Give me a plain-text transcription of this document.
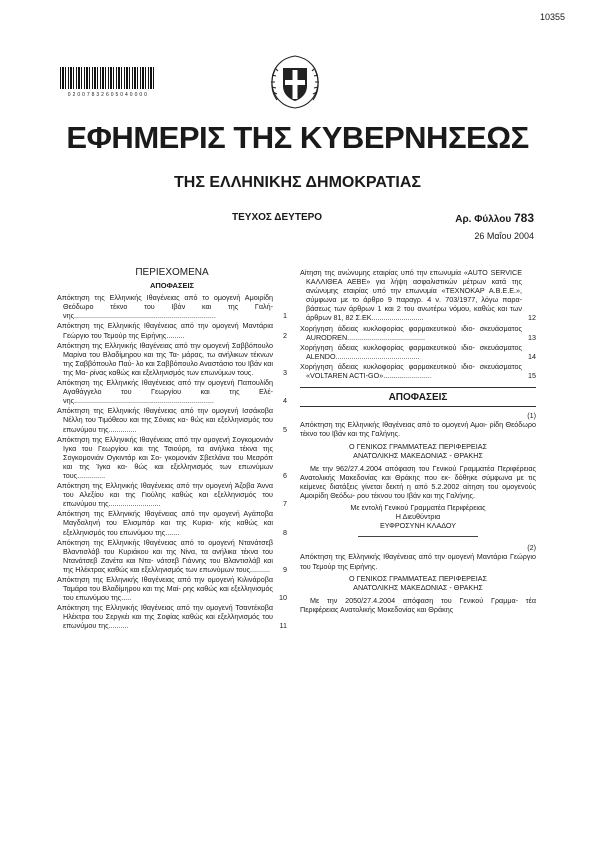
10355
0 2 0 0 7 8 3 2 6 0 5 0 4 0 0 0 0
ΕΦΗΜΕΡΙΣ ΤΗΣ ΚΥΒΕΡΝΗΣΕΩΣ
ΤΗΣ ΕΛΛΗΝΙΚΗΣ ΔΗΜΟΚΡΑΤΙΑΣ
ΤΕΥΧΟΣ ΔΕΥΤΕΡΟ	Αρ. Φύλλου 783
26 Μαΐου 2004
ΠΕΡΙΕΧΟΜΕΝΑ
ΑΠΟΦΑΣΕΙΣ
Απόκτηση της Ελληνικής Ιθαγένειας από το ομογενή Αμοιρίδη Θεόδωρο τέκνο του Ιβάν και της Γαλή- νης.......................................................................	1
Απόκτηση της Ελληνικής Ιθαγένειας από την ομογενή Μαντάρια Γεώργιο του Τεμούρ της Ειρήνης.........	2
Απόκτηση της Ελληνικής Ιθαγένειας από την ομογενή Σαββόπουλο Μαρίνα του Βλαδίμηρου και της Τα- μάρας, τω ανήλικων τέκνων της Σαββόπουλο Παύ- λο και Σαββόπουλο Αναστάσιο του Ιβάν και της Μα- ρίνας καθώς και εξελληνισμός των επωνύμων τους.	3
Απόκτηση της Ελληνικής Ιθαγένειας από την ομογενή Παπουλίδη Αγαθάγγελο του Γεωργίου και της Ελέ- νης......................................................................	4
Απόκτηση της Ελληνικής Ιθαγένειας από την ομογενή Ισσάκοβα Νέλλη του Τιμόθεου και της Σόνιας κα- θώς και εξελληνισμός του επωνύμου της..............	5
Απόκτηση της Ελληνικής Ιθαγένειας από την ομογενή Σογκομονιάν Ιγκα του Γεωργίου και της Τσιούρη, τα ανήλικα τέκνα της Σογκομονιάν Ογκιντάρ και Σο- γκομονιάν Σβετλάνα του Μεσρόπ και της Ίγκα κα- θώς και εξελληνισμός των επωνύμων τους..............	6
Απόκτηση της Ελληνικής Ιθαγένειας από την ομογενή Άζοβα Άννα του Αλεξίου και της Γιούλης καθώς και εξελληνισμός του επωνύμου της..........................	7
Απόκτηση της Ελληνικής Ιθαγένειας από την ομογενή Αγάποβα Μαγδαληνή του Ελισμπάρ και της Κυρια- κής καθώς και εξελληνισμός του επωνύμου της.......	8
Απόκτηση της Ελληνικής Ιθαγένειας από το ομογενή Ντανάτσεβ Βλαντισλάβ του Κυριάκου και της Νίνα, τα ανήλικα τέκνα του Ντανάτσεβ Ζανέτα και Ντα- νάτσεβ Γιάννης του Βλαντισλάβ και της Ηλέκτρας καθώς και εξελληνισμός των επωνύμων τους..........	9
Απόκτηση της Ελληνικής Ιθαγένειας από την ομογενή Κιλινάροβα Ταμάρα του Βλαδίμηρου και της Μαί- ρης καθώς και εξελληνισμός του επωνύμου της.....	10
Απόκτηση της Ελληνικής Ιθαγένειας από την ομογενή Τσαντέκοβα Ηλέκτρα του Σεργκέι και της Σοφίας καθώς και εξελληνισμός του επωνύμου της..........	11
Αίτηση της ανώνυμης εταιρίας υπό την επωνυμία «AUTO SERVICE ΚΑΛΛΙΘΕΑ ΑΕΒΕ» για λήψη ασφαλιστικών μέτρων κατά της ανώνυμης εταιρίας υπό την επωνυμία «ΤΕΧΝΟΚΑΡ Α.Β.Ε.Ε.», σύμφωνα με το άρθρο 9 παραγρ. 4 ν. 703/1977, λόγω παρα- βάσεως των άρθρων 1 και 2 του ανωτέρω νόμου, καθώς και των άρθρων 81, 82 Σ.ΕΚ..........................	12
Χορήγηση άδειας κυκλοφορίας φαρμακευτικού ιδιο- σκευάσματος AURODREN.......................................	13
Χορήγηση άδειας κυκλοφορίας φαρμακευτικού ιδιο- σκευάσματος ALENDO..........................................	14
Χορήγηση άδειας κυκλοφορίας φαρμακευτικού ιδιο- σκευάσματος «VOLTAREN ACTI-GO»........................	15
ΑΠΟΦΑΣΕΙΣ
(1)
Απόκτηση της Ελληνικής Ιθαγένειας από το ομογενή Αμοι- ρίδη Θεόδωρο τέκνο του Ιβάν και της Γαλήνης.
Ο ΓΕΝΙΚΟΣ ΓΡΑΜΜΑΤΕΑΣ ΠΕΡΙΦΕΡΕΙΑΣ
ΑΝΑΤΟΛΙΚΗΣ ΜΑΚΕΔΟΝΙΑΣ - ΘΡΑΚΗΣ
Με την 962/27.4.2004 απόφαση του Γενικού Γραμματέα Περιφέρειας Ανατολικής Μακεδονίας και Θράκης που εκ- δόθηκε σύμφωνα με τις κείμενες διατάξεις γίνεται δεκτή η από 5.2.2002 αίτηση του ομογενούς Αμοιρίδη Θεόδω- ρου τέκνου του Ιβάν και της Γαλήνης.
Με εντολή Γενικού Γραμματέα Περιφέρειας
Η Διευθύντρια
ΕΥΦΡΟΣΥΝΗ ΚΛΑΔΟΥ
(2)
Απόκτηση της Ελληνικής Ιθαγένειας από την ομογενή Μαντάρια Γεώργιο του Τεμούρ της Ειρήνης.
Ο ΓΕΝΙΚΟΣ ΓΡΑΜΜΑΤΕΑΣ ΠΕΡΙΦΕΡΕΙΑΣ
ΑΝΑΤΟΛΙΚΗΣ ΜΑΚΕΔΟΝΙΑΣ - ΘΡΑΚΗΣ
Με την 2050/27.4.2004 απόφαση του Γενικού Γραμμα- τέα Περιφέρειας Ανατολικής Μακεδονίας και Θράκης
